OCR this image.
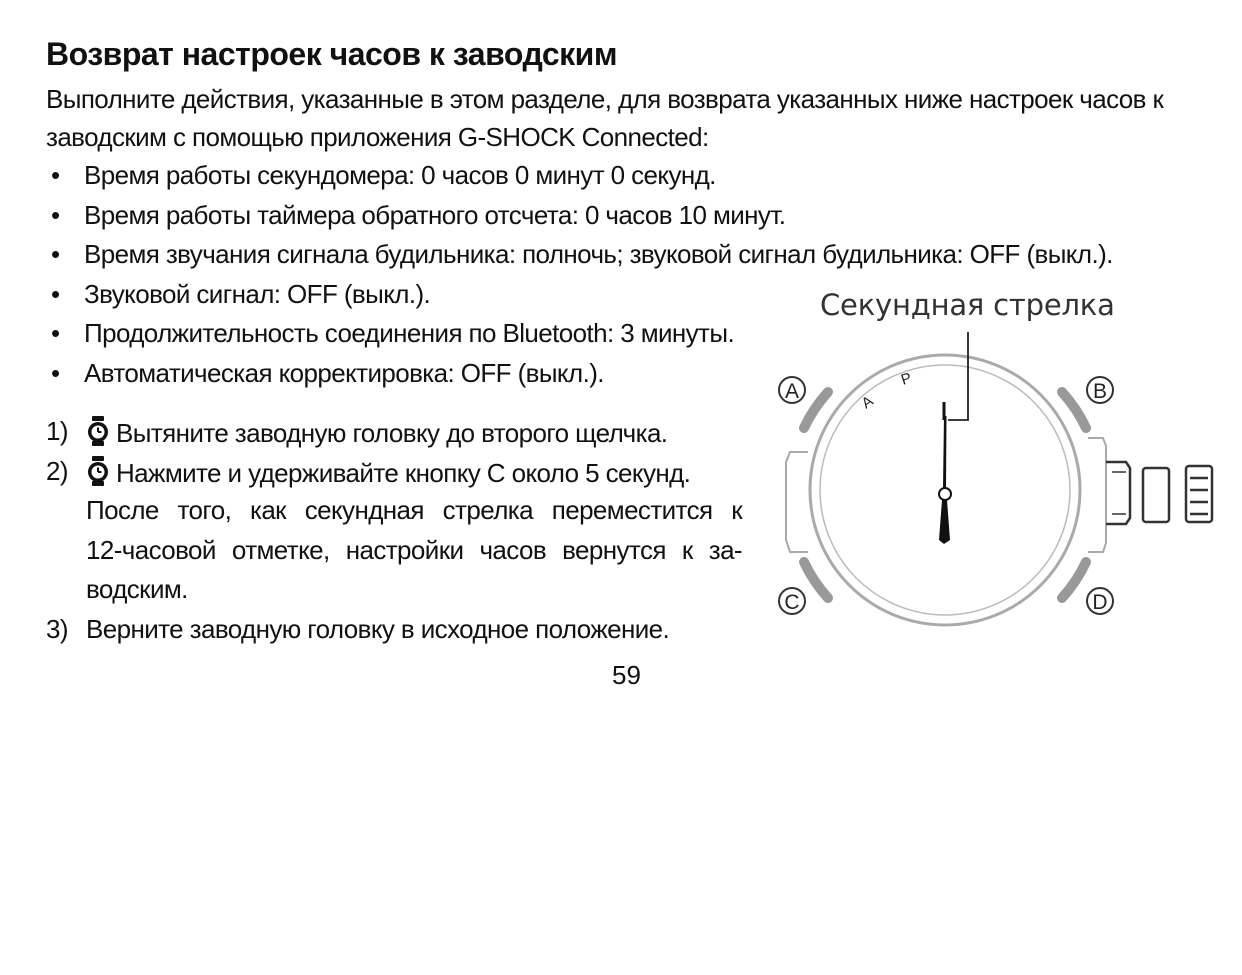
Возврат настроек часов к заводским
Выполните действия, указанные в этом разделе, для возврата указанных ниже настроек часов к
заводским с помощью приложения G-SHOCK Connected:
• Время работы секундомера: 0 часов 0 минут 0 секунд.
• Время работы таймера обратного отсчета: 0 часов 10 минут.
• Время звучания сигнала будильника: полночь; звуковой сигнал будильника: OFF (выкл.).
• Звуковой сигнал: OFF (выкл.).
• Продолжительность соединения по Bluetooth: 3 минуты.
• Автоматическая корректировка: OFF (выкл.).
1)	Вытяните заводную головку до второго щелчка.
2)	Нажмите и удерживайте кнопку C около 5 секунд.
После того, как секундная стрелка переместится к
12-часовой отметке, настройки часов вернутся к за-
водским.
3) Верните заводную головку в исходное положение.
Секундная стрелка
A	B
C	D
A
P
59
